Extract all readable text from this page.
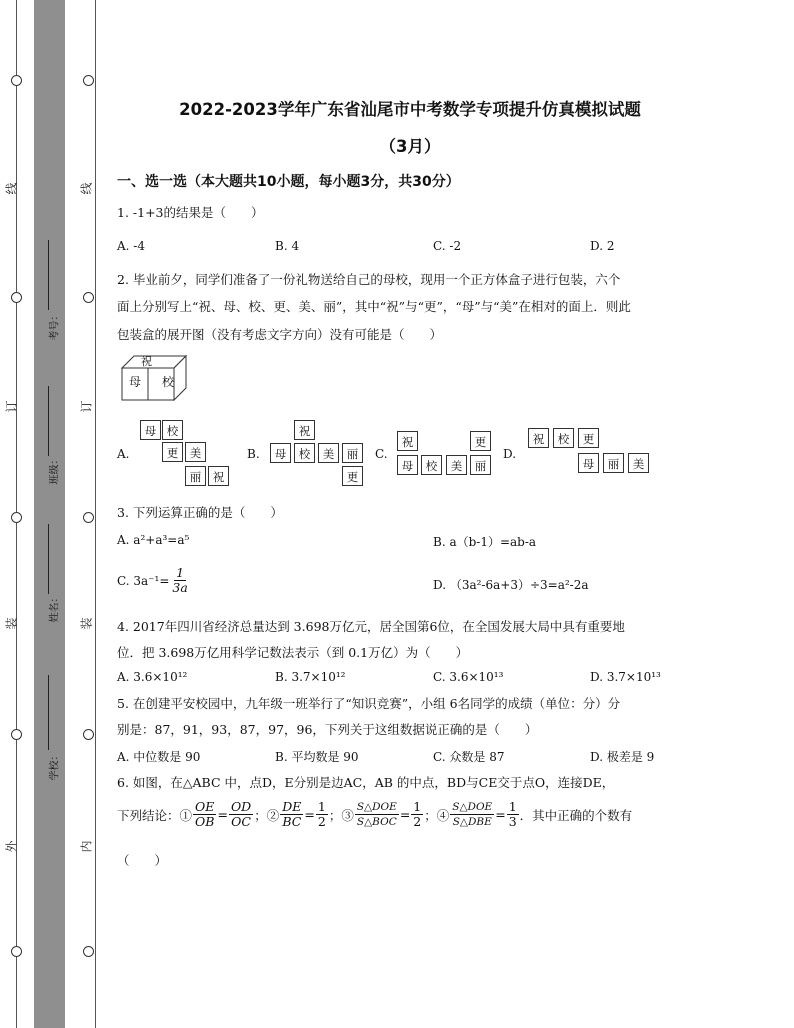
线
订
装
外
线
订
装
内
考号：
班级：
姓名：
学校：
2022-2023学年广东省汕尾市中考数学专项提升仿真模拟试题
（3月）
一、选一选（本大题共10小题，每小题3分，共30分）
1. -1+3的结果是（　　）
A. -4	B. 4	C. -2	D. 2
2. 毕业前夕，同学们准备了一份礼物送给自己的母校，现用一个正方体盒子进行包装，六个
面上分别写上“祝、母、校、更、美、丽”，其中“祝”与“更”，“母”与“美”在相对的面上．则此
包装盒的展开图（没有考虑文字方向）没有可能是（　　）
祝
母 校
A.
母 校
更	美
丽	祝
B.
祝
母	校	美	丽
更
C.
祝	更
母	校	美	丽
D.
祝	校	更
母	丽	美
3. 下列运算正确的是（　　）
A. a²+a³=a⁵	B. a（b-1）=ab-a
C. $3a^{-1}= \frac{1}{3a}$	D. （3a²-6a+3）÷3=a²-2a
4. 2017年四川省经济总量达到 3.698万亿元，居全国第6位，在全国发展大局中具有重要地
位．把 3.698万亿用科学记数法表示（到 0.1万亿）为（　　）
A. 3.6×10¹²	B. 3.7×10¹²	C. 3.6×10¹³	D. 3.7×10¹³
5. 在创建平安校园中，九年级一班举行了“知识竞赛”，小组 6名同学的成绩（单位：分）分
别是：87，91，93，87，97，96，下列关于这组数据说正确的是（　　）
A. 中位数是 90	B. 平均数是 90	C. 众数是 87	D. 极差是 9
6. 如图，在△ABC 中，点D，E分别是边AC，AB 的中点，BD与CE交于点O，连接DE，
下列结论：① $\frac{OE}{OB} = \frac{OD}{OC}$ ；② $\frac{DE}{BC} = \frac{1}{2}$ ；③ $\frac{\text{S△DOE}}{\text{S△BOC}} = \frac{1}{2}$ ；④ $\frac{\text{S△DOE}}{\text{S△DBE}} = \frac{1}{3}$ ．其中正确的个数有
（　　）
